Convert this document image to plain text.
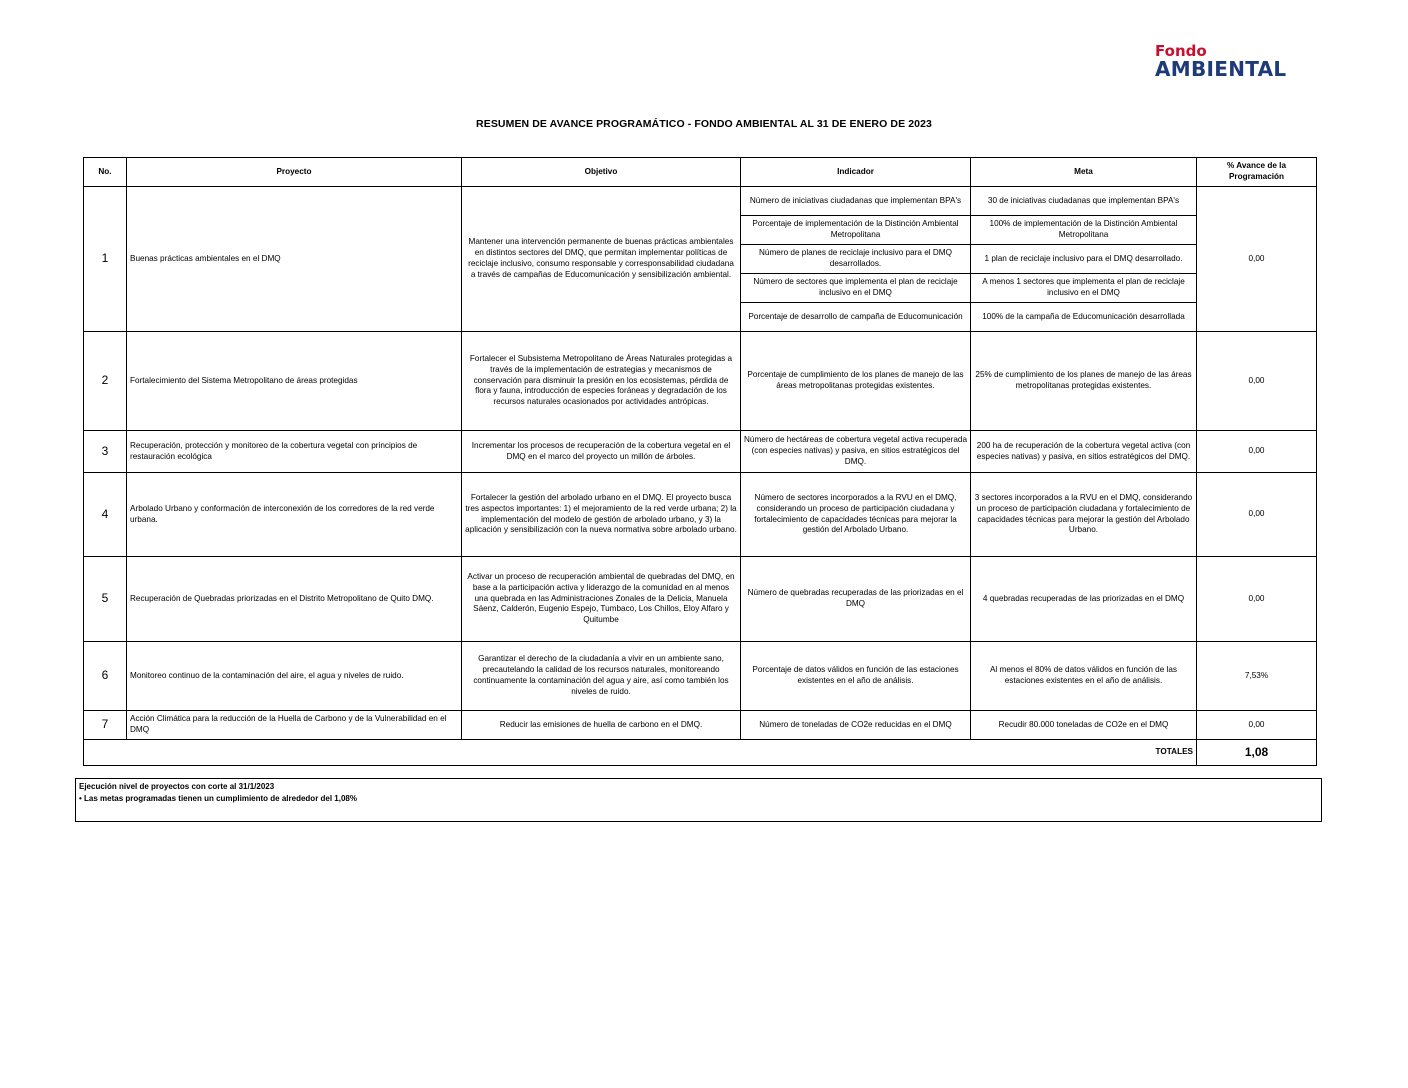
Fondo
AMBIENTAL
RESUMEN DE AVANCE PROGRAMÁTICO - FONDO AMBIENTAL AL 31 DE ENERO DE 2023
No.	Proyecto	Objetivo	Indicador	Meta	% Avance de la Programación
1	Buenas prácticas ambientales en el DMQ	Mantener una intervención permanente de buenas prácticas ambientales en distintos sectores del DMQ, que permitan implementar políticas de reciclaje inclusivo, consumo responsable y corresponsabilidad ciudadana a través de campañas de Educomunicación y sensibilización ambiental.	Número de iniciativas ciudadanas que implementan BPA's	30 de iniciativas ciudadanas que implementan BPA's	0,00
			Porcentaje de implementación de la Distinción Ambiental Metropolitana	100% de implementación de la Distinción Ambiental Metropolitana	
			Número de planes de reciclaje inclusivo para el DMQ desarrollados.	1 plan de reciclaje inclusivo para el DMQ desarrollado.	
			Número de sectores que implementa el plan de reciclaje inclusivo en el DMQ	A menos 1 sectores que implementa el plan de reciclaje inclusivo en el DMQ	
			Porcentaje de desarrollo de campaña de Educomunicación	100% de la campaña de Educomunicación desarrollada	
2	Fortalecimiento del Sistema Metropolitano de áreas protegidas	Fortalecer el Subsistema Metropolitano de Áreas Naturales protegidas a través de la implementación de estrategias y mecanismos de conservación para disminuir la presión en los ecosistemas, pérdida de flora y fauna, introducción de especies foráneas y degradación de los recursos naturales ocasionados por actividades antrópicas.	Porcentaje de cumplimiento de los planes de manejo de las áreas metropolitanas protegidas existentes.	25% de cumplimiento de los planes de manejo de las áreas metropolitanas protegidas existentes.	0,00
3	Recuperación, protección y monitoreo de la cobertura vegetal con principios de restauración ecológica	Incrementar los procesos de recuperación de la cobertura vegetal en el DMQ en el marco del proyecto un millón de árboles.	Número de hectáreas de cobertura vegetal activa recuperada (con especies nativas) y pasiva, en sitios estratégicos del DMQ.	200 ha de recuperación de la cobertura vegetal activa (con especies nativas) y pasiva, en sitios estratégicos del DMQ.	0,00
4	Arbolado Urbano y conformación de interconexión de los corredores de la red verde urbana.	Fortalecer la gestión del arbolado urbano en el DMQ. El proyecto busca tres aspectos importantes: 1) el mejoramiento de la red verde urbana; 2) la implementación del modelo de gestión de arbolado urbano, y 3) la aplicación y sensibilización con la nueva normativa sobre arbolado urbano.	Número de sectores incorporados a la RVU en el DMQ, considerando un proceso de participación ciudadana y fortalecimiento de capacidades técnicas para mejorar la gestión del Arbolado Urbano.	3 sectores incorporados a la RVU en el DMQ, considerando un proceso de participación ciudadana y fortalecimiento de capacidades técnicas para mejorar la gestión del Arbolado Urbano.	0,00
5	Recuperación de Quebradas priorizadas en el Distrito Metropolitano de Quito DMQ.	Activar un proceso de recuperación ambiental de quebradas del DMQ, en base a la participación activa y liderazgo de la comunidad en al menos una quebrada en las Administraciones Zonales de la Delicia, Manuela Sáenz, Calderón, Eugenio Espejo, Tumbaco, Los Chillos, Eloy Alfaro y Quitumbe	Número de quebradas recuperadas de las priorizadas en el DMQ	4 quebradas recuperadas de las priorizadas en el DMQ	0,00
6	Monitoreo continuo de la contaminación del aire, el agua y niveles de ruido.	Garantizar el derecho de la ciudadanía a vivir en un ambiente sano, precautelando la calidad de los recursos naturales, monitoreando continuamente la contaminación del agua y aire, así como también los niveles de ruido.	Porcentaje de datos válidos en función de las estaciones existentes en el año de análisis.	Al menos el 80% de datos válidos en función de las estaciones existentes en el año de análisis.	7,53%
7	Acción Climática para la reducción de la Huella de Carbono y de la Vulnerabilidad en el DMQ	Reducir las emisiones de huella de carbono en el DMQ.	Número de toneladas de CO2e reducidas en el DMQ	Recudir 80.000 toneladas de CO2e en el DMQ	0,00
TOTALES					1,08
Ejecución nivel de proyectos con corte al 31/1/2023
• Las metas programadas tienen un cumplimiento de alrededor del 1,08%
